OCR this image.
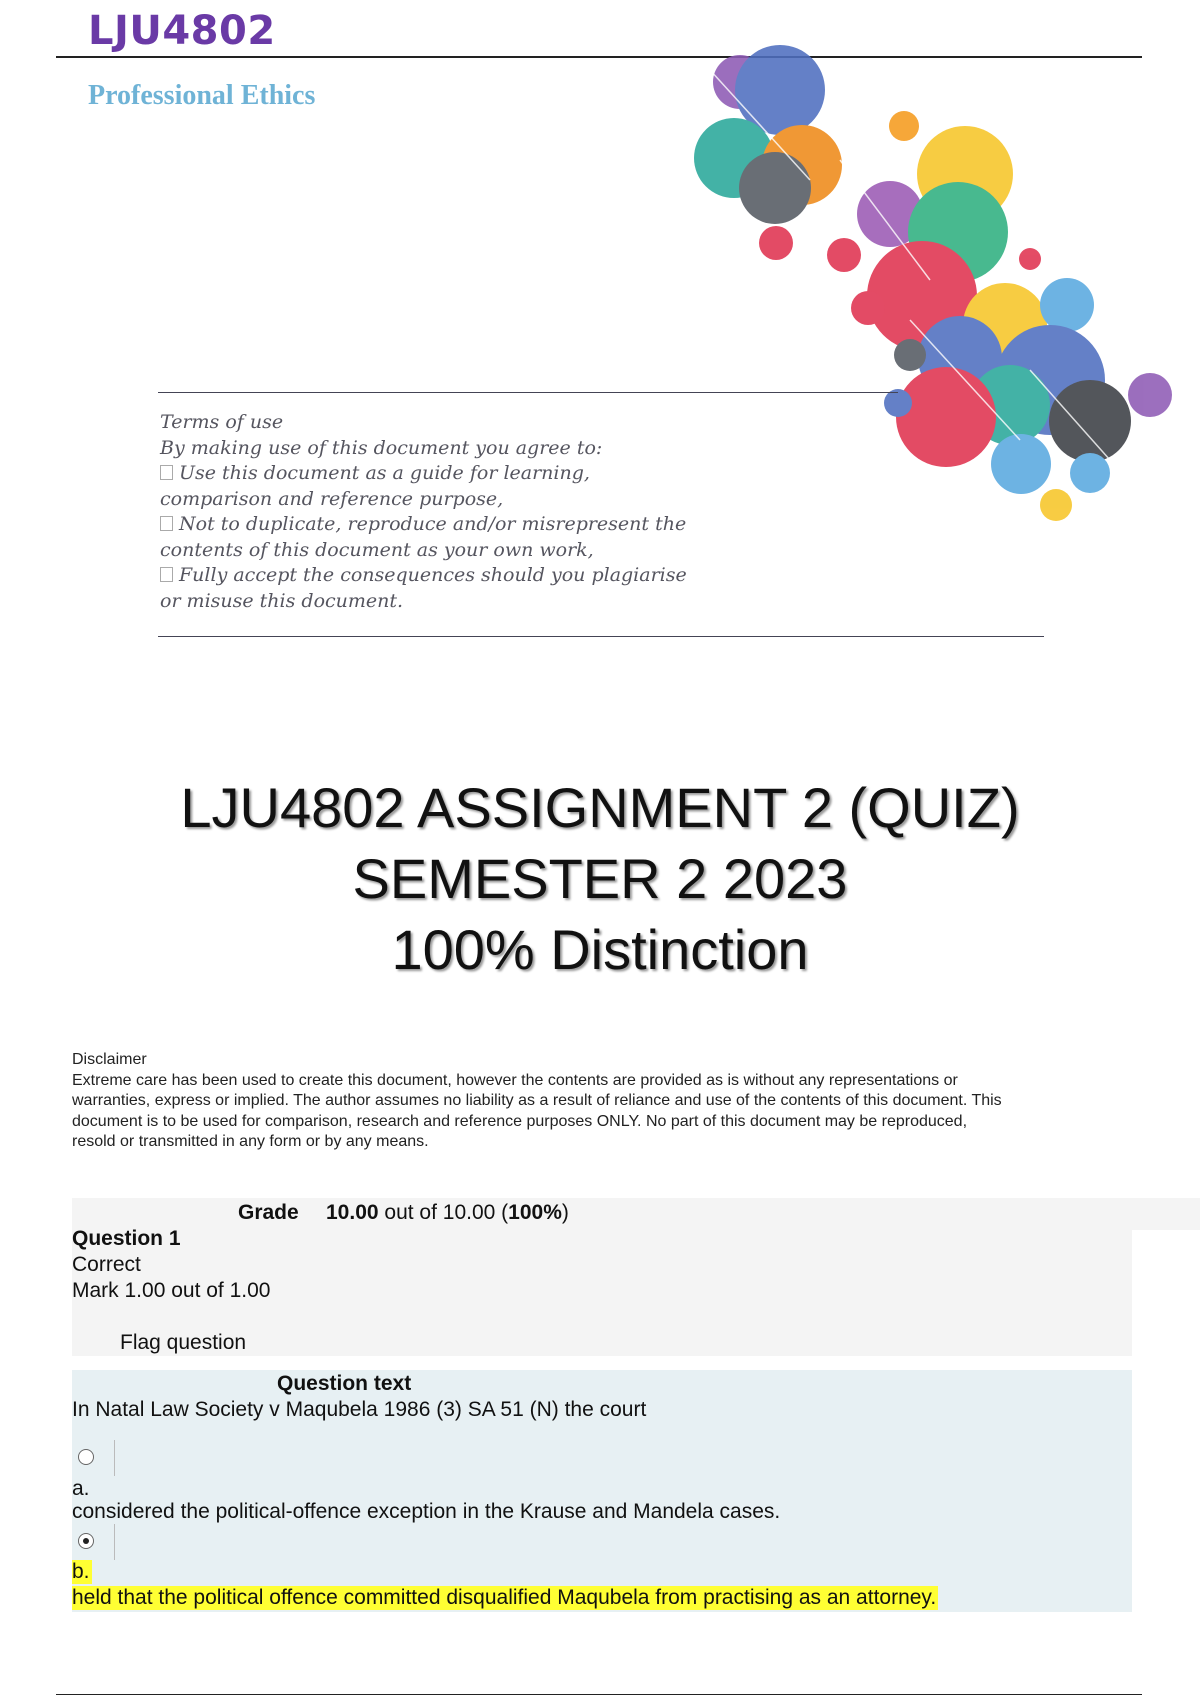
LJU4802
Professional Ethics
Terms of use
By making use of this document you agree to:
Use this document as a guide for learning,
comparison and reference purpose,
Not to duplicate, reproduce and/or misrepresent the
contents of this document as your own work,
Fully accept the consequences should you plagiarise
or misuse this document.
LJU4802 ASSIGNMENT 2 (QUIZ)
SEMESTER 2 2023
100% Distinction
Disclaimer
Extreme care has been used to create this document, however the contents are provided as is without any representations or
warranties, express or implied. The author assumes no liability as a result of reliance and use of the contents of this document. This
document is to be used for comparison, research and reference purposes ONLY. No part of this document may be reproduced,
resold or transmitted in any form or by any means.
Grade 10.00 out of 10.00 (100%)
Question 1
Correct
Mark 1.00 out of 1.00
Flag question
Question text
In Natal Law Society v Maqubela 1986 (3) SA 51 (N) the court
a.
considered the political-offence exception in the Krause and Mandela cases.
b.
held that the political offence committed disqualified Maqubela from practising as an attorney.
